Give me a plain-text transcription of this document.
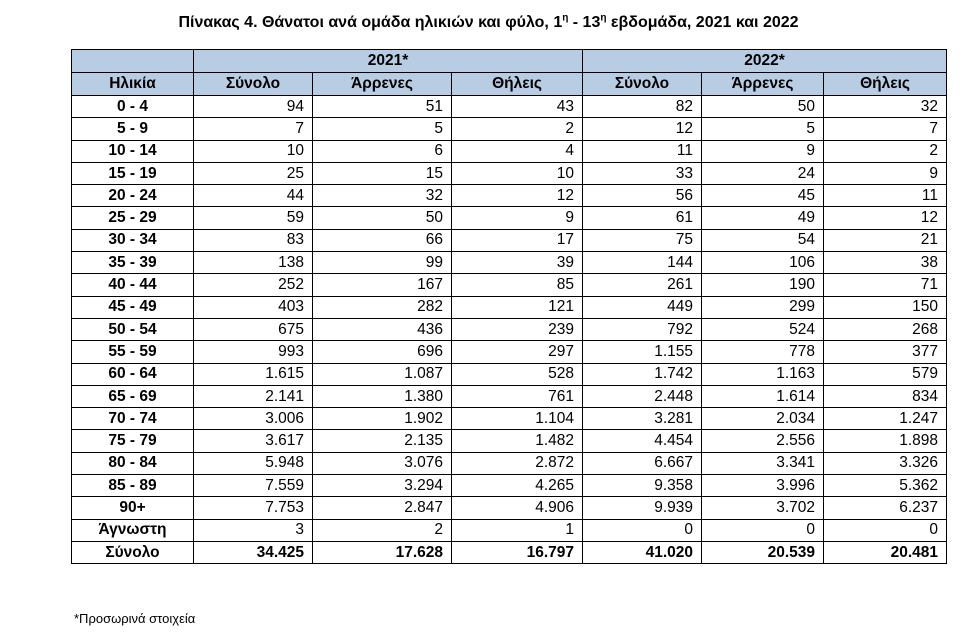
Πίνακας 4. Θάνατοι ανά ομάδα ηλικιών και φύλο, $1^\eta - 13^\eta$ εβδομάδα, 2021 και 2022
	2021*			2022*		
Ηλικία	Σύνολο	Άρρενες	Θήλεις	Σύνολο	Άρρενες	Θήλεις
0 - 4	94	51	43	82	50	32
5 - 9	7	5	2	12	5	7
10 - 14	10	6	4	11	9	2
15 - 19	25	15	10	33	24	9
20 - 24	44	32	12	56	45	11
25 - 29	59	50	9	61	49	12
30 - 34	83	66	17	75	54	21
35 - 39	138	99	39	144	106	38
40 - 44	252	167	85	261	190	71
45 - 49	403	282	121	449	299	150
50 - 54	675	436	239	792	524	268
55 - 59	993	696	297	1.155	778	377
60 - 64	1.615	1.087	528	1.742	1.163	579
65 - 69	2.141	1.380	761	2.448	1.614	834
70 - 74	3.006	1.902	1.104	3.281	2.034	1.247
75 - 79	3.617	2.135	1.482	4.454	2.556	1.898
80 - 84	5.948	3.076	2.872	6.667	3.341	3.326
85 - 89	7.559	3.294	4.265	9.358	3.996	5.362
90+	7.753	2.847	4.906	9.939	3.702	6.237
Άγνωστη	3	2	1	0	0	0
Σύνολο	34.425	17.628	16.797	41.020	20.539	20.481
*Προσωρινά στοιχεία
